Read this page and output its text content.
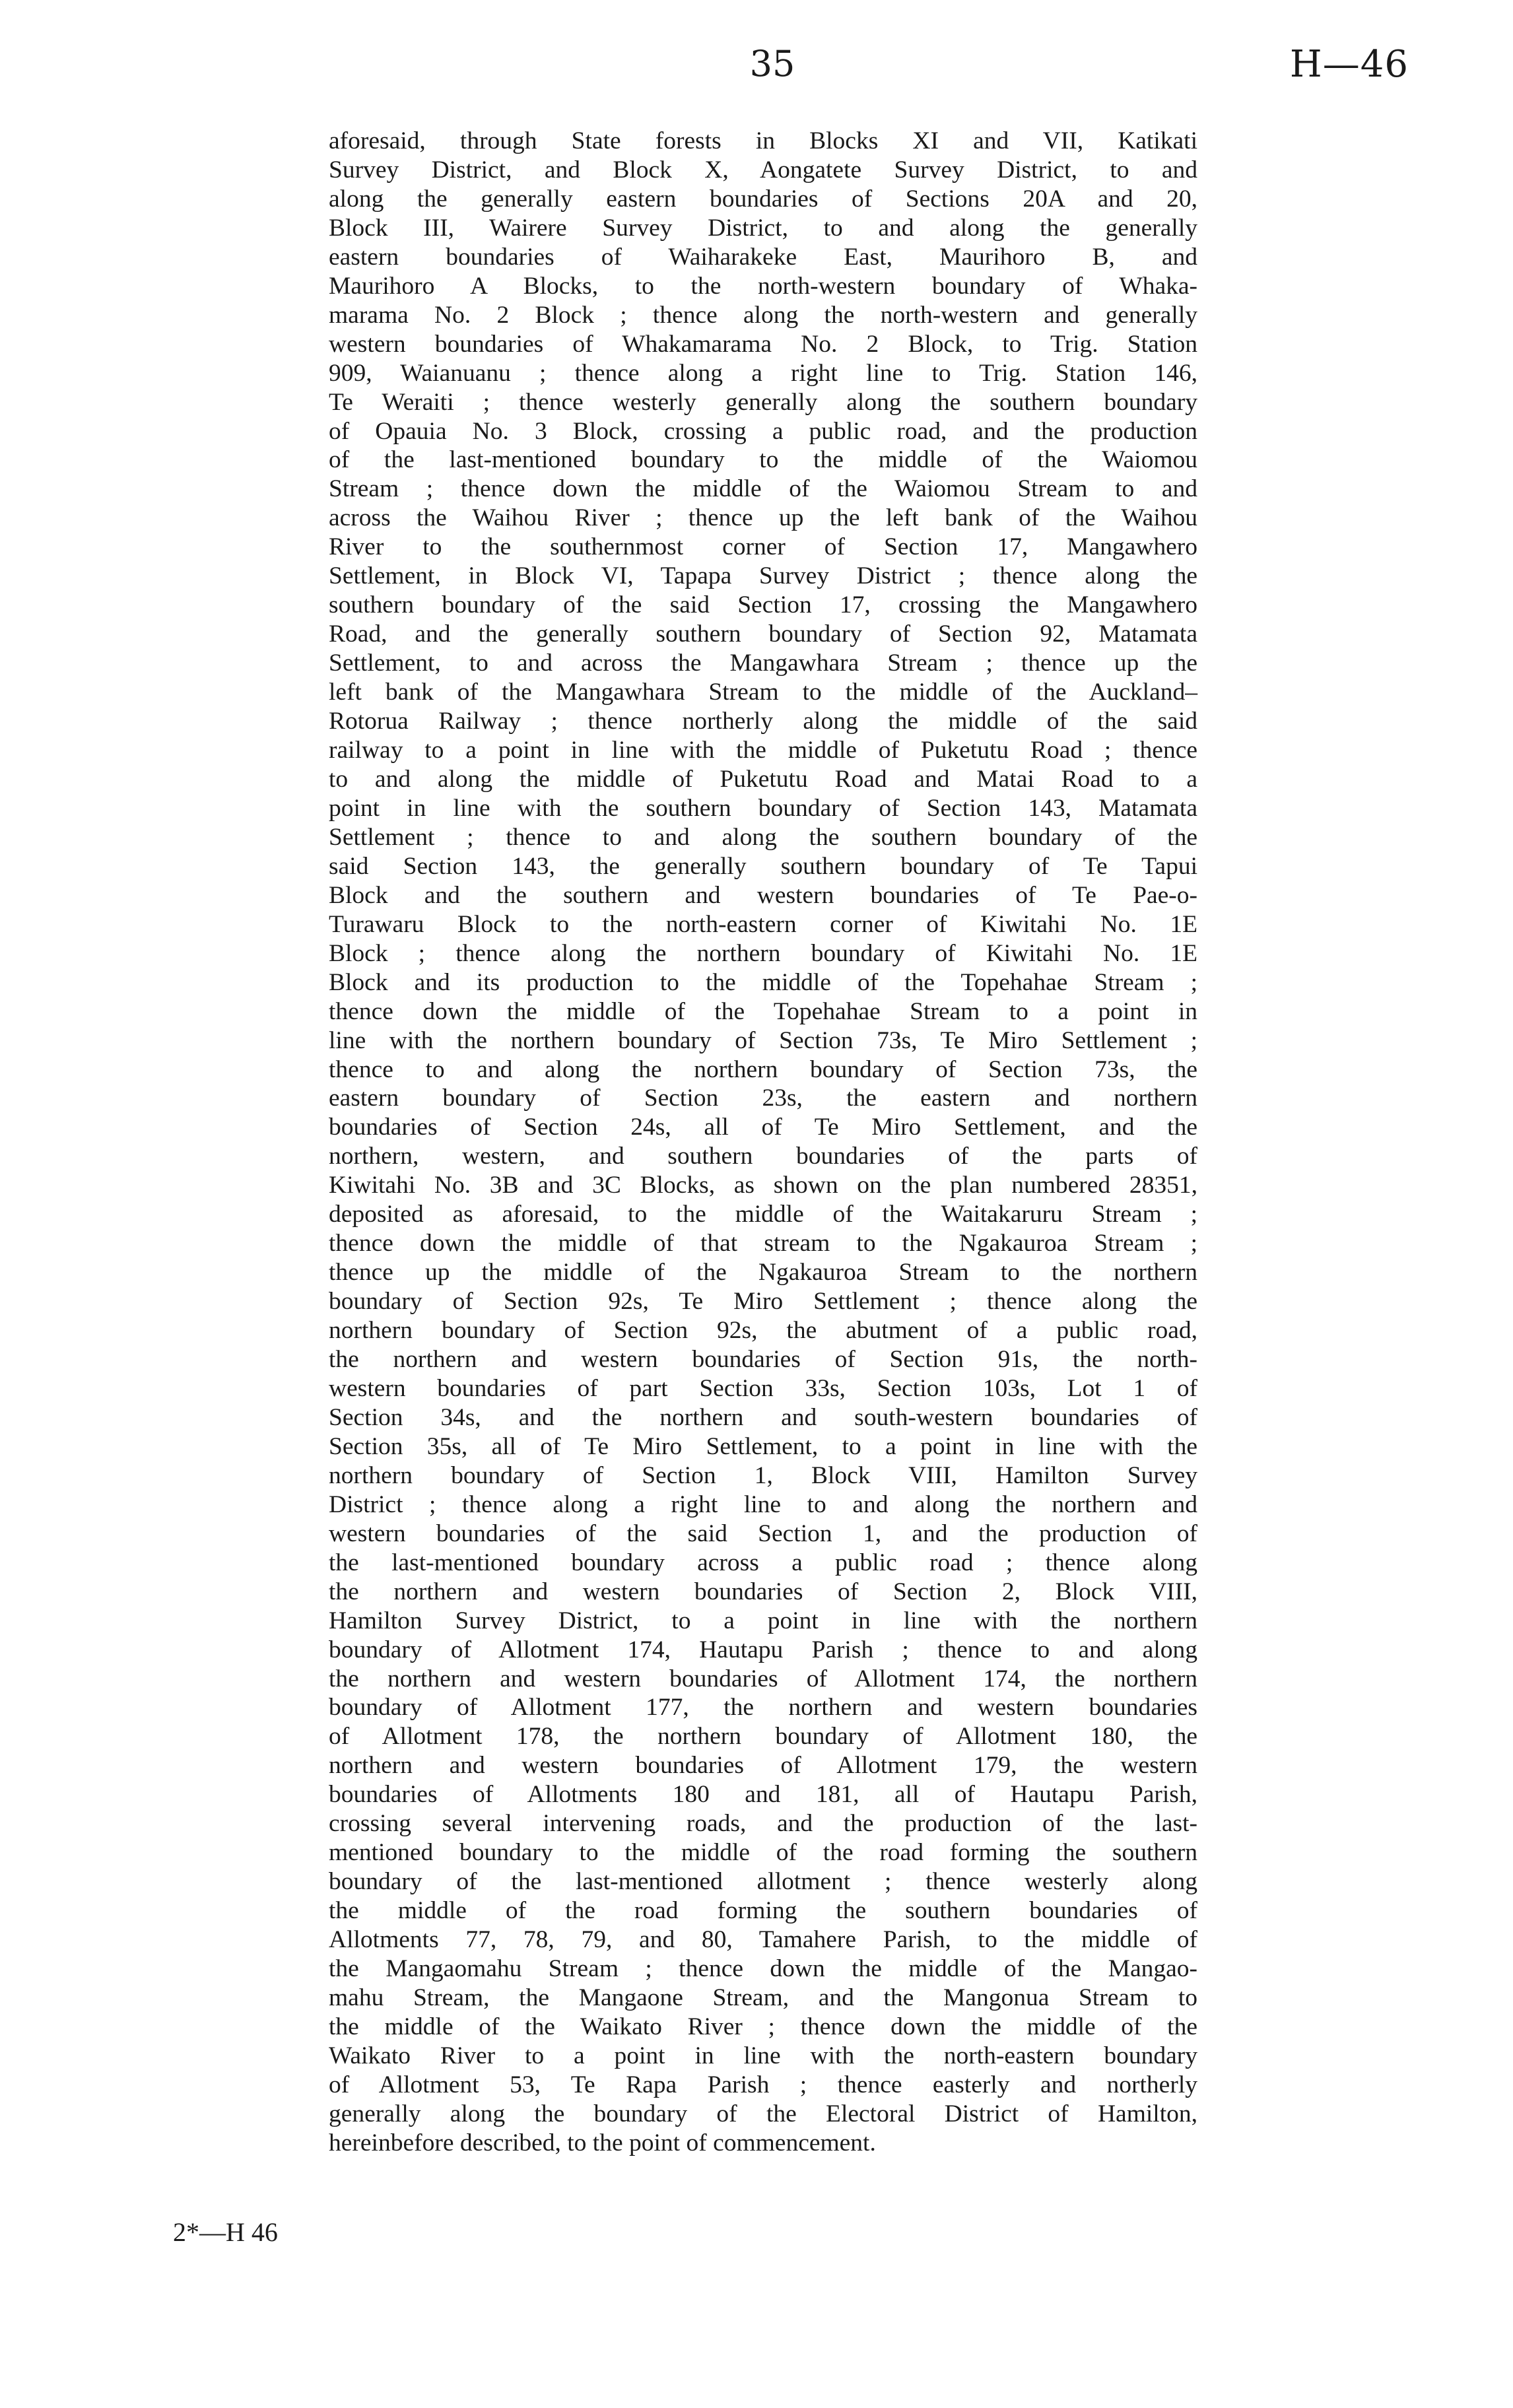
35	H—46
aforesaid, through State forests in Blocks XI and VII, Katikati
Survey District, and Block X, Aongatete Survey District, to and
along the generally eastern boundaries of Sections 20A and 20,
Block III, Wairere Survey District, to and along the generally
eastern boundaries of Waiharakeke East, Maurihoro B, and
Maurihoro A Blocks, to the north-western boundary of Whaka-
marama No. 2 Block ; thence along the north-western and generally
western boundaries of Whakamarama No. 2 Block, to Trig. Station
909, Waianuanu ; thence along a right line to Trig. Station 146,
Te Weraiti ; thence westerly generally along the southern boundary
of Opauia No. 3 Block, crossing a public road, and the production
of the last-mentioned boundary to the middle of the Waiomou
Stream ; thence down the middle of the Waiomou Stream to and
across the Waihou River ; thence up the left bank of the Waihou
River to the southernmost corner of Section 17, Mangawhero
Settlement, in Block VI, Tapapa Survey District ; thence along the
southern boundary of the said Section 17, crossing the Mangawhero
Road, and the generally southern boundary of Section 92, Matamata
Settlement, to and across the Mangawhara Stream ; thence up the
left bank of the Mangawhara Stream to the middle of the Auckland–
Rotorua Railway ; thence northerly along the middle of the said
railway to a point in line with the middle of Puketutu Road ; thence
to and along the middle of Puketutu Road and Matai Road to a
point in line with the southern boundary of Section 143, Matamata
Settlement ; thence to and along the southern boundary of the
said Section 143, the generally southern boundary of Te Tapui
Block and the southern and western boundaries of Te Pae-o-
Turawaru Block to the north-eastern corner of Kiwitahi No. 1E
Block ; thence along the northern boundary of Kiwitahi No. 1E
Block and its production to the middle of the Topehahae Stream ;
thence down the middle of the Topehahae Stream to a point in
line with the northern boundary of Section 73s, Te Miro Settlement ;
thence to and along the northern boundary of Section 73s, the
eastern boundary of Section 23s, the eastern and northern
boundaries of Section 24s, all of Te Miro Settlement, and the
northern, western, and southern boundaries of the parts of
Kiwitahi No. 3B and 3C Blocks, as shown on the plan numbered 28351,
deposited as aforesaid, to the middle of the Waitakaruru Stream ;
thence down the middle of that stream to the Ngakauroa Stream ;
thence up the middle of the Ngakauroa Stream to the northern
boundary of Section 92s, Te Miro Settlement ; thence along the
northern boundary of Section 92s, the abutment of a public road,
the northern and western boundaries of Section 91s, the north-
western boundaries of part Section 33s, Section 103s, Lot 1 of
Section 34s, and the northern and south-western boundaries of
Section 35s, all of Te Miro Settlement, to a point in line with the
northern boundary of Section 1, Block VIII, Hamilton Survey
District ; thence along a right line to and along the northern and
western boundaries of the said Section 1, and the production of
the last-mentioned boundary across a public road ; thence along
the northern and western boundaries of Section 2, Block VIII,
Hamilton Survey District, to a point in line with the northern
boundary of Allotment 174, Hautapu Parish ; thence to and along
the northern and western boundaries of Allotment 174, the northern
boundary of Allotment 177, the northern and western boundaries
of Allotment 178, the northern boundary of Allotment 180, the
northern and western boundaries of Allotment 179, the western
boundaries of Allotments 180 and 181, all of Hautapu Parish,
crossing several intervening roads, and the production of the last-
mentioned boundary to the middle of the road forming the southern
boundary of the last-mentioned allotment ; thence westerly along
the middle of the road forming the southern boundaries of
Allotments 77, 78, 79, and 80, Tamahere Parish, to the middle of
the Mangaomahu Stream ; thence down the middle of the Mangao-
mahu Stream, the Mangaone Stream, and the Mangonua Stream to
the middle of the Waikato River ; thence down the middle of the
Waikato River to a point in line with the north-eastern boundary
of Allotment 53, Te Rapa Parish ; thence easterly and northerly
generally along the boundary of the Electoral District of Hamilton,
hereinbefore described, to the point of commencement.
2*—H 46
